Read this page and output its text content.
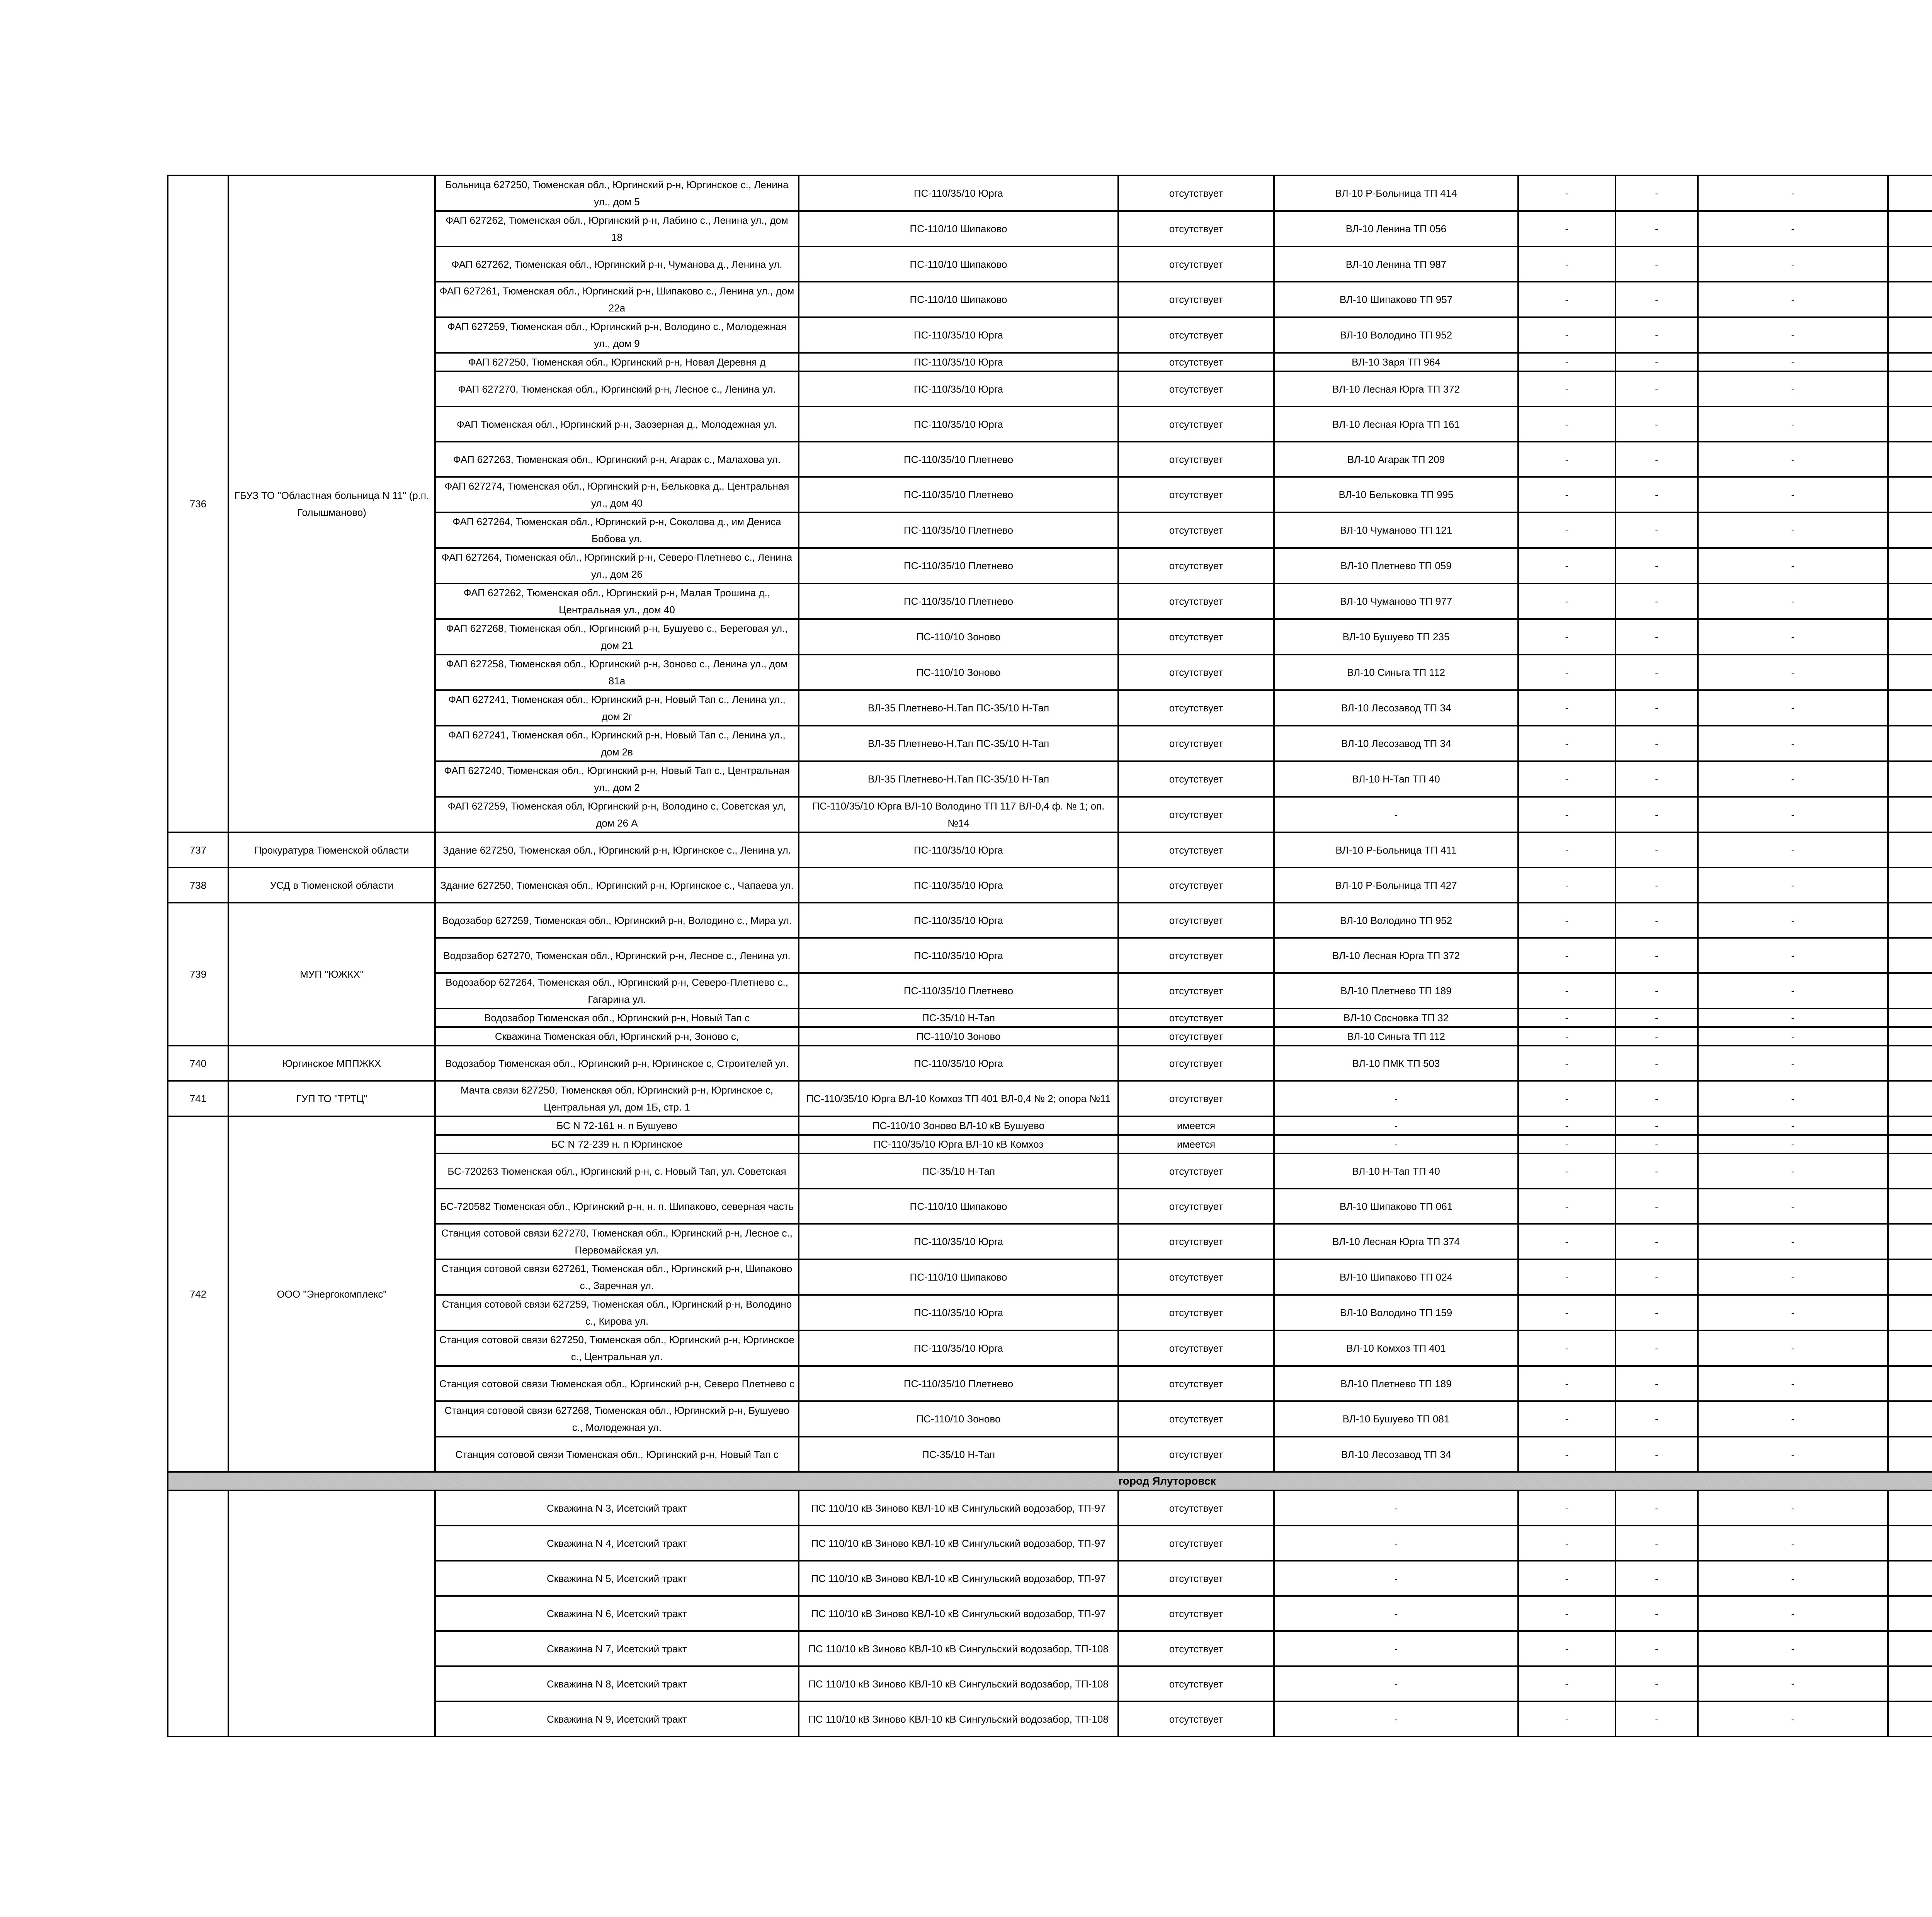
736	ГБУЗ ТО "Областная больница N 11" (р.п. Голышманово)	Больница 627250, Тюменская обл., Юргинский р-н, Юргинское с., Ленина ул., дом 5	ПС-110/35/10 Юрга	отсутствует	ВЛ-10 Р-Больница ТП 414	-	-	-		
		ФАП 627262, Тюменская обл., Юргинский р-н, Лабино с., Ленина ул., дом 18	ПС-110/10 Шипаково	отсутствует	ВЛ-10 Ленина ТП 056	-	-	-		
		ФАП 627262, Тюменская обл., Юргинский р-н, Чуманова д., Ленина ул.	ПС-110/10 Шипаково	отсутствует	ВЛ-10 Ленина ТП 987	-	-	-		
		ФАП 627261, Тюменская обл., Юргинский р-н, Шипаково с., Ленина ул., дом 22а	ПС-110/10 Шипаково	отсутствует	ВЛ-10 Шипаково ТП 957	-	-	-		
		ФАП 627259, Тюменская обл., Юргинский р-н, Володино с., Молодежная ул., дом 9	ПС-110/35/10 Юрга	отсутствует	ВЛ-10 Володино ТП 952	-	-	-		
		ФАП 627250, Тюменская обл., Юргинский р-н, Новая Деревня д	ПС-110/35/10 Юрга	отсутствует	ВЛ-10 Заря ТП 964	-	-	-		
		ФАП 627270, Тюменская обл., Юргинский р-н, Лесное с., Ленина ул.	ПС-110/35/10 Юрга	отсутствует	ВЛ-10 Лесная Юрга ТП 372	-	-	-		
		ФАП Тюменская обл., Юргинский р-н, Заозерная д., Молодежная ул.	ПС-110/35/10 Юрга	отсутствует	ВЛ-10 Лесная Юрга ТП 161	-	-	-		
		ФАП 627263, Тюменская обл., Юргинский р-н, Агарак с., Малахова ул.	ПС-110/35/10 Плетнево	отсутствует	ВЛ-10 Агарак ТП 209	-	-	-		
		ФАП 627274, Тюменская обл., Юргинский р-н, Бельковка д., Центральная ул., дом 40	ПС-110/35/10 Плетнево	отсутствует	ВЛ-10 Бельковка ТП 995	-	-	-		
		ФАП 627264, Тюменская обл., Юргинский р-н, Соколова д., им Дениса Бобова ул.	ПС-110/35/10 Плетнево	отсутствует	ВЛ-10 Чуманово ТП 121	-	-	-		
		ФАП 627264, Тюменская обл., Юргинский р-н, Северо-Плетнево с., Ленина ул., дом 26	ПС-110/35/10 Плетнево	отсутствует	ВЛ-10 Плетнево ТП 059	-	-	-		
		ФАП 627262, Тюменская обл., Юргинский р-н, Малая Трошина д., Центральная ул., дом 40	ПС-110/35/10 Плетнево	отсутствует	ВЛ-10 Чуманово ТП 977	-	-	-		
		ФАП 627268, Тюменская обл., Юргинский р-н, Бушуево с., Береговая ул., дом 21	ПС-110/10 Зоново	отсутствует	ВЛ-10 Бушуево ТП 235	-	-	-		
		ФАП 627258, Тюменская обл., Юргинский р-н, Зоново с., Ленина ул., дом 81а	ПС-110/10 Зоново	отсутствует	ВЛ-10 Синьга ТП 112	-	-	-		
		ФАП 627241, Тюменская обл., Юргинский р-н, Новый Тап с., Ленина ул., дом 2г	ВЛ-35 Плетнево-Н.Тап ПС-35/10 Н-Тап	отсутствует	ВЛ-10 Лесозавод ТП 34	-	-	-		
		ФАП 627241, Тюменская обл., Юргинский р-н, Новый Тап с., Ленина ул., дом 2в	ВЛ-35 Плетнево-Н.Тап ПС-35/10 Н-Тап	отсутствует	ВЛ-10 Лесозавод ТП 34	-	-	-		
		ФАП 627240, Тюменская обл., Юргинский р-н, Новый Тап с., Центральная ул., дом 2	ВЛ-35 Плетнево-Н.Тап ПС-35/10 Н-Тап	отсутствует	ВЛ-10 Н-Тап ТП 40	-	-	-		
		ФАП 627259, Тюменская обл, Юргинский р-н, Володино с, Советская ул, дом 26 А	ПС-110/35/10 Юрга ВЛ-10 Володино ТП 117 ВЛ-0,4 ф. № 1; оп.№14	отсутствует	-	-	-	-		
737	Прокуратура Тюменской области	Здание 627250, Тюменская обл., Юргинский р-н, Юргинское с., Ленина ул.	ПС-110/35/10 Юрга	отсутствует	ВЛ-10 Р-Больница ТП 411	-	-	-		
738	УСД в Тюменской области	Здание 627250, Тюменская обл., Юргинский р-н, Юргинское с., Чапаева ул.	ПС-110/35/10 Юрга	отсутствует	ВЛ-10 Р-Больница ТП 427	-	-	-		
739	МУП "ЮЖКХ"	Водозабор 627259, Тюменская обл., Юргинский р-н, Володино с., Мира ул.	ПС-110/35/10 Юрга	отсутствует	ВЛ-10 Володино ТП 952	-	-	-		
		Водозабор 627270, Тюменская обл., Юргинский р-н, Лесное с., Ленина ул.	ПС-110/35/10 Юрга	отсутствует	ВЛ-10 Лесная Юрга ТП 372	-	-	-		
		Водозабор 627264, Тюменская обл., Юргинский р-н, Северо-Плетнево с., Гагарина ул.	ПС-110/35/10 Плетнево	отсутствует	ВЛ-10 Плетнево ТП 189	-	-	-		
		Водозабор Тюменская обл., Юргинский р-н, Новый Тап с	ПС-35/10 Н-Тап	отсутствует	ВЛ-10 Сосновка ТП 32	-	-	-		
		Скважина Тюменская обл, Юргинский р-н, Зоново с,	ПС-110/10 Зоново	отсутствует	ВЛ-10 Синьга ТП 112	-	-	-		
740	Юргинское МППЖКХ	Водозабор Тюменская обл., Юргинский р-н, Юргинское с, Строителей ул.	ПС-110/35/10 Юрга	отсутствует	ВЛ-10 ПМК ТП 503	-	-	-		
741	ГУП ТО "ТРТЦ"	Мачта связи 627250, Тюменская обл, Юргинский р-н, Юргинское с, Центральная ул, дом 1Б, стр. 1	ПС-110/35/10 Юрга ВЛ-10 Комхоз ТП 401 ВЛ-0,4 № 2; опора №11	отсутствует	-	-	-	-		
742	ООО "Энергокомплекс"	БС N 72-161 н. п Бушуево	ПС-110/10 Зоново ВЛ-10 кВ Бушуево	имеется	-	-	-	-		
		БС N 72-239 н. п Юргинское	ПС-110/35/10 Юрга ВЛ-10 кВ Комхоз	имеется	-	-	-	-		
		БС-720263 Тюменская обл., Юргинский р-н, с. Новый Тап, ул. Советская	ПС-35/10 Н-Тап	отсутствует	ВЛ-10 Н-Тап ТП 40	-	-	-		
		БС-720582 Тюменская обл., Юргинский р-н, н. п. Шипаково, северная часть	ПС-110/10 Шипаково	отсутствует	ВЛ-10 Шипаково ТП 061	-	-	-		
		Станция сотовой связи 627270, Тюменская обл., Юргинский р-н, Лесное с., Первомайская ул.	ПС-110/35/10 Юрга	отсутствует	ВЛ-10 Лесная Юрга ТП 374	-	-	-		
		Станция сотовой связи 627261, Тюменская обл., Юргинский р-н, Шипаково с., Заречная ул.	ПС-110/10 Шипаково	отсутствует	ВЛ-10 Шипаково ТП 024	-	-	-		
		Станция сотовой связи 627259, Тюменская обл., Юргинский р-н, Володино с., Кирова ул.	ПС-110/35/10 Юрга	отсутствует	ВЛ-10 Володино ТП 159	-	-	-		
		Станция сотовой связи 627250, Тюменская обл., Юргинский р-н, Юргинское с., Центральная ул.	ПС-110/35/10 Юрга	отсутствует	ВЛ-10 Комхоз ТП 401	-	-	-		
		Станция сотовой связи Тюменская обл., Юргинский р-н, Северо Плетнево с	ПС-110/35/10 Плетнево	отсутствует	ВЛ-10 Плетнево ТП 189	-	-	-		
		Станция сотовой связи 627268, Тюменская обл., Юргинский р-н, Бушуево с., Молодежная ул.	ПС-110/10 Зоново	отсутствует	ВЛ-10 Бушуево ТП 081	-	-	-		
		Станция сотовой связи Тюменская обл., Юргинский р-н, Новый Тап с	ПС-35/10 Н-Тап	отсутствует	ВЛ-10 Лесозавод ТП 34	-	-	-		
город Ялуторовск										
		Скважина N 3, Исетский тракт	ПС 110/10 кВ Зиново КВЛ-10 кВ Сингульский водозабор, ТП-97	отсутствует	-	-	-	-		
		Скважина N 4, Исетский тракт	ПС 110/10 кВ Зиново КВЛ-10 кВ Сингульский водозабор, ТП-97	отсутствует	-	-	-	-		
		Скважина N 5, Исетский тракт	ПС 110/10 кВ Зиново КВЛ-10 кВ Сингульский водозабор, ТП-97	отсутствует	-	-	-	-		
		Скважина N 6, Исетский тракт	ПС 110/10 кВ Зиново КВЛ-10 кВ Сингульский водозабор, ТП-97	отсутствует	-	-	-	-		
		Скважина N 7, Исетский тракт	ПС 110/10 кВ Зиново КВЛ-10 кВ Сингульский водозабор, ТП-108	отсутствует	-	-	-	-		
		Скважина N 8, Исетский тракт	ПС 110/10 кВ Зиново КВЛ-10 кВ Сингульский водозабор, ТП-108	отсутствует	-	-	-	-		
		Скважина N 9, Исетский тракт	ПС 110/10 кВ Зиново КВЛ-10 кВ Сингульский водозабор, ТП-108	отсутствует	-	-	-	-		
